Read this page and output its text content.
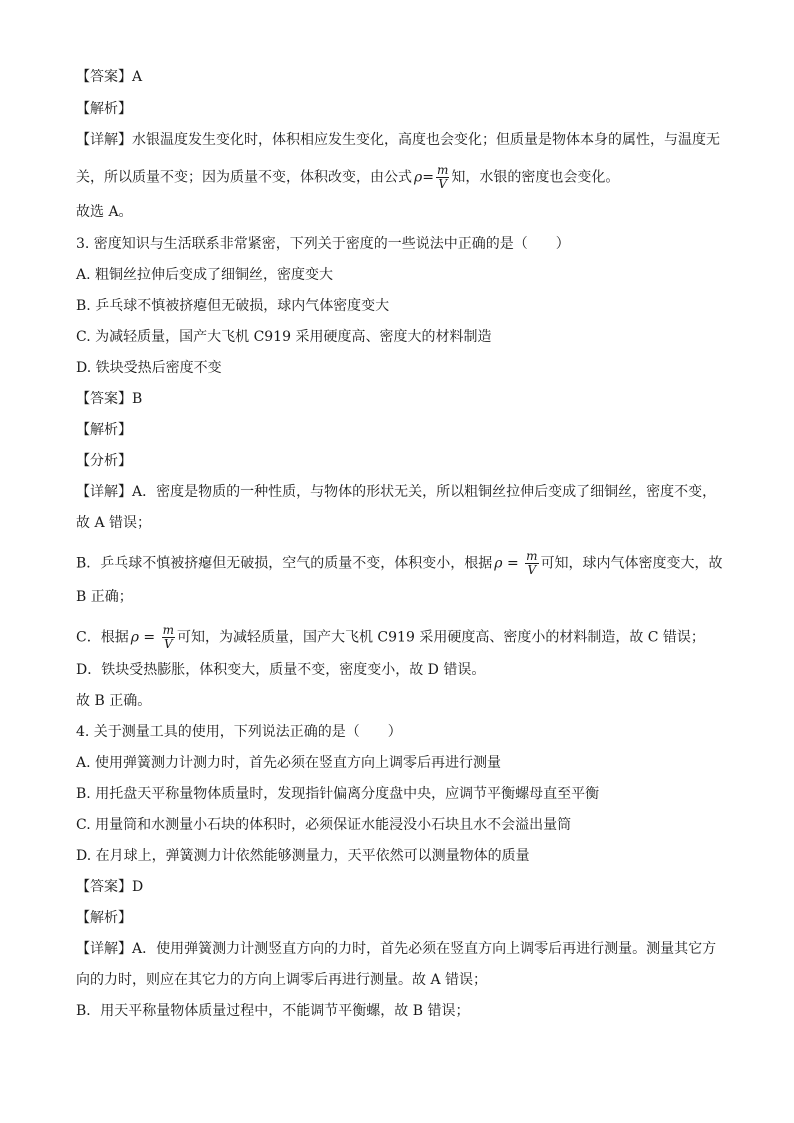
【答案】A
【解析】
【详解】水银温度发生变化时，体积相应发生变化，高度也会变化；但质量是物体本身的属性，与温度无
关，所以质量不变；因为质量不变，体积改变，由公式 $\rho= \frac{m}{V}$ 知，水银的密度也会变化。
故选 A。
3. 密度知识与生活联系非常紧密，下列关于密度的一些说法中正确的是（　　）
A. 粗铜丝拉伸后变成了细铜丝，密度变大
B. 乒乓球不慎被挤瘪但无破损，球内气体密度变大
C. 为减轻质量，国产大飞机 C919 采用硬度高、密度大的材料制造
D. 铁块受热后密度不变
【答案】B
【解析】
【分析】
【详解】A．密度是物质的一种性质，与物体的形状无关，所以粗铜丝拉伸后变成了细铜丝，密度不变，
故 A 错误；
B．乒乓球不慎被挤瘪但无破损，空气的质量不变，体积变小，根据 $\rho = \frac{m}{V}$ 可知，球内气体密度变大，故
B 正确；
C．根据 $\rho = \frac{m}{V}$ 可知，为减轻质量，国产大飞机 C919 采用硬度高、密度小的材料制造，故 C 错误；
D．铁块受热膨胀，体积变大，质量不变，密度变小，故 D 错误。
故 B 正确。
4. 关于测量工具的使用，下列说法正确的是（　　）
A. 使用弹簧测力计测力时，首先必须在竖直方向上调零后再进行测量
B. 用托盘天平称量物体质量时，发现指针偏离分度盘中央，应调节平衡螺母直至平衡
C. 用量筒和水测量小石块的体积时，必须保证水能浸没小石块且水不会溢出量筒
D. 在月球上，弹簧测力计依然能够测量力，天平依然可以测量物体的质量
【答案】D
【解析】
【详解】A．使用弹簧测力计测竖直方向的力时，首先必须在竖直方向上调零后再进行测量。测量其它方
向的力时，则应在其它力的方向上调零后再进行测量。故 A 错误；
B．用天平称量物体质量过程中，不能调节平衡螺，故 B 错误；
